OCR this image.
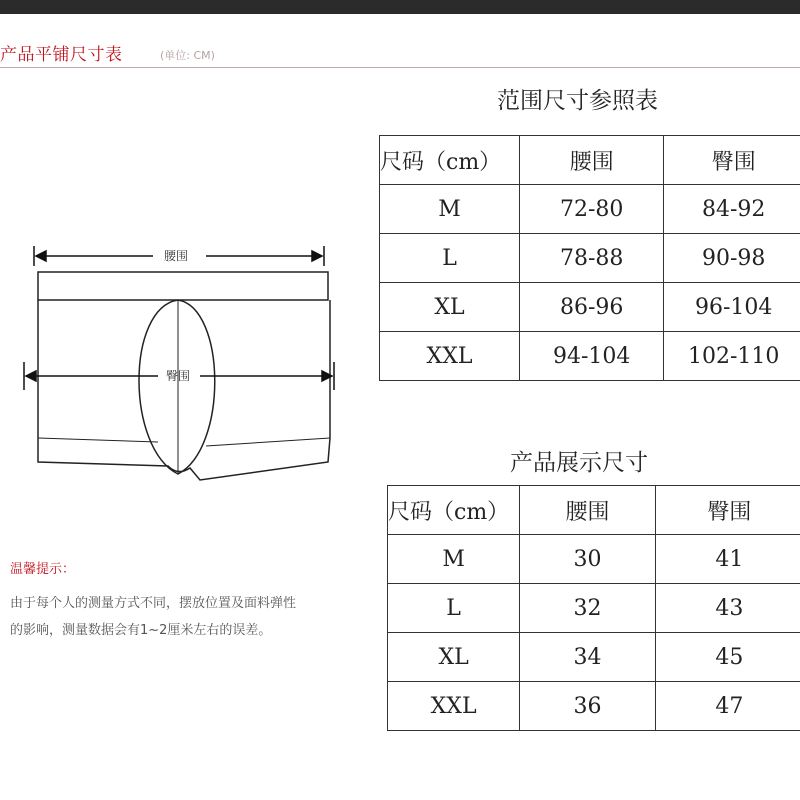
产品平铺尺寸表	(单位: CM)
腰围
臀围
范围尺寸参照表
尺码（cm）	腰围	臀围
M	72-80	84-92
L	78-88	90-98
XL	86-96	96-104
XXL	94-104	102-110
产品展示尺寸
尺码（cm）	腰围	臀围
M	30	41
L	32	43
XL	34	45
XXL	36	47
温馨提示：
由于每个人的测量方式不同，摆放位置及面料弹性
的影响，测量数据会有1~2厘米左右的误差。
